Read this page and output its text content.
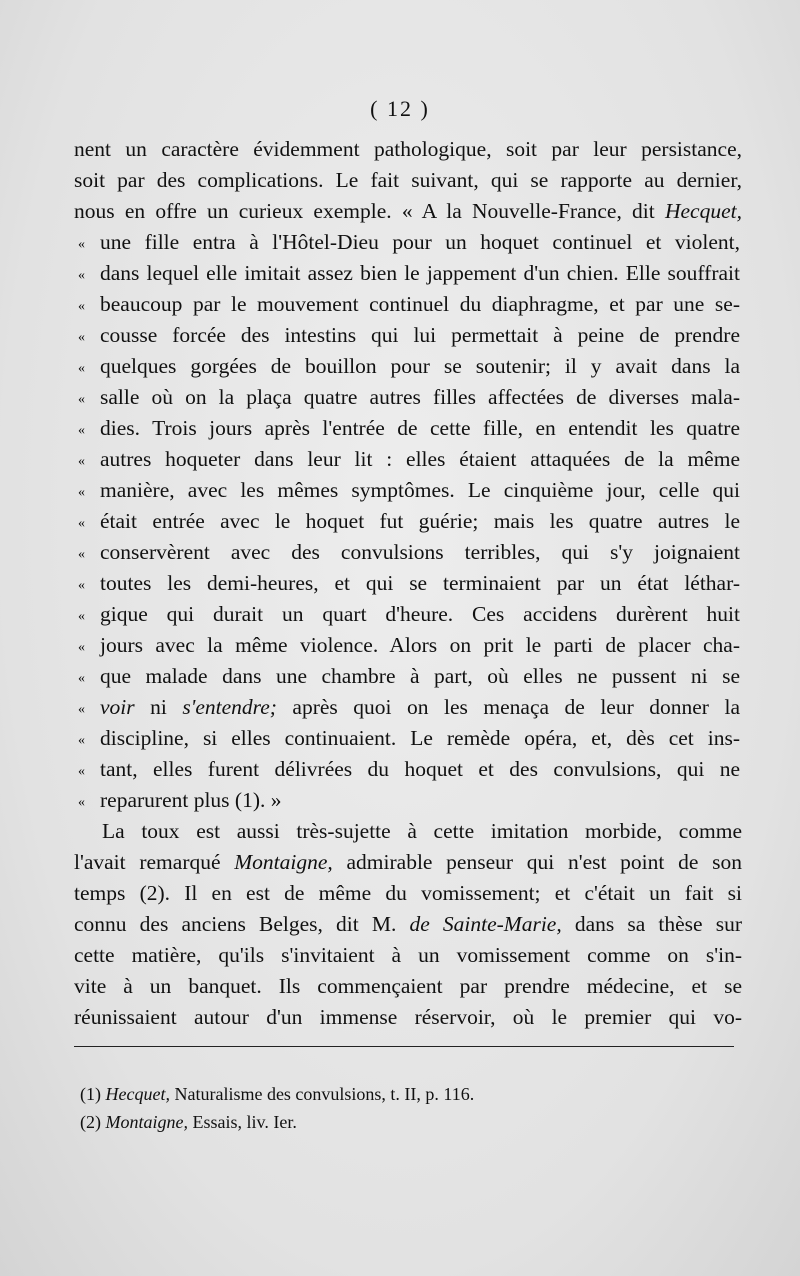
( 12 )
nent un caractère évidemment pathologique, soit par leur persistance,
soit par des complications. Le fait suivant, qui se rapporte au dernier,
nous en offre un curieux exemple. « A la Nouvelle-France, dit Hecquet,
« une fille entra à l'Hôtel-Dieu pour un hoquet continuel et violent,
« dans lequel elle imitait assez bien le jappement d'un chien. Elle souffrait
« beaucoup par le mouvement continuel du diaphragme, et par une se-
« cousse forcée des intestins qui lui permettait à peine de prendre
« quelques gorgées de bouillon pour se soutenir; il y avait dans la
« salle où on la plaça quatre autres filles affectées de diverses mala-
« dies. Trois jours après l'entrée de cette fille, en entendit les quatre
« autres hoqueter dans leur lit : elles étaient attaquées de la même
« manière, avec les mêmes symptômes. Le cinquième jour, celle qui
« était entrée avec le hoquet fut guérie; mais les quatre autres le
« conservèrent avec des convulsions terribles, qui s'y joignaient
« toutes les demi-heures, et qui se terminaient par un état léthar-
« gique qui durait un quart d'heure. Ces accidens durèrent huit
« jours avec la même violence. Alors on prit le parti de placer cha-
« que malade dans une chambre à part, où elles ne pussent ni se
« voir ni s'entendre; après quoi on les menaça de leur donner la
« discipline, si elles continuaient. Le remède opéra, et, dès cet ins-
« tant, elles furent délivrées du hoquet et des convulsions, qui ne
« reparurent plus (1). »
La toux est aussi très-sujette à cette imitation morbide, comme
l'avait remarqué Montaigne, admirable penseur qui n'est point de son
temps (2). Il en est de même du vomissement; et c'était un fait si
connu des anciens Belges, dit M. de Sainte-Marie, dans sa thèse sur
cette matière, qu'ils s'invitaient à un vomissement comme on s'in-
vite à un banquet. Ils commençaient par prendre médecine, et se
réunissaient autour d'un immense réservoir, où le premier qui vo-
(1) Hecquet, Naturalisme des convulsions, t. II, p. 116.
(2) Montaigne, Essais, liv. Ier.
